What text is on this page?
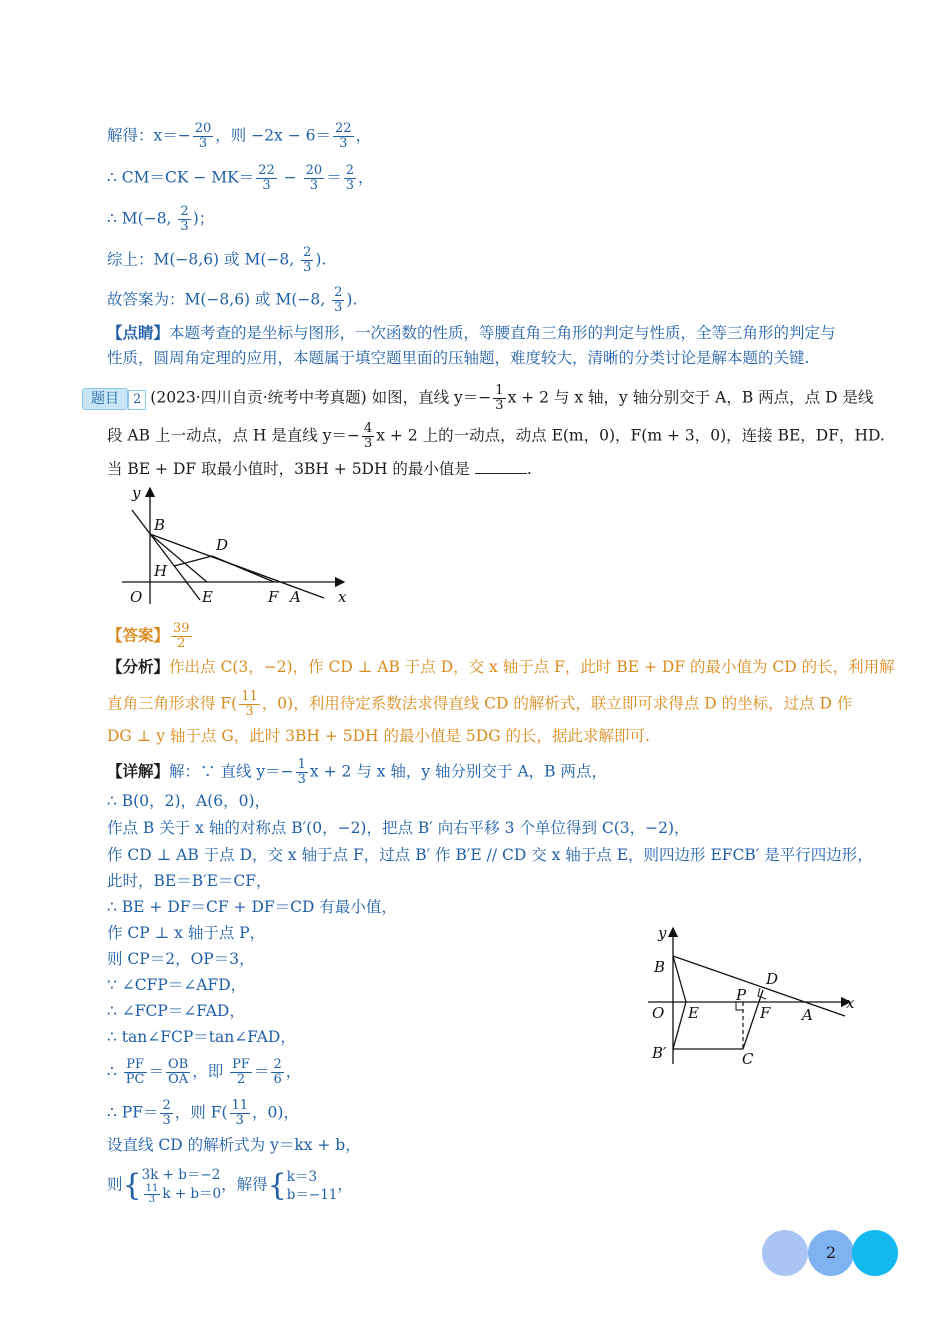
解得：$x=- \frac{20}{3}$ ，则 $-2x - 6= \frac{22}{3}$ ，
∴ $CM=CK - MK= \frac{22}{3} - \frac{20}{3} = \frac{2}{3}$ ，
∴ M(−8, $\frac{2}{3}$ )；
综上：M(−8,6) 或 M(−8, $\frac{2}{3}$ ).
故答案为：M(−8,6) 或 M(−8, $\frac{2}{3}$ ).
【点睛】本题考查的是坐标与图形，一次函数的性质，等腰直角三角形的判定与性质，全等三角形的判定与
性质，圆周角定理的应用，本题属于填空题里面的压轴题，难度较大，清晰的分类讨论是解本题的关键.
题目 2 (2023·四川自贡·统考中考真题) 如图，直线 $y=- \frac{1}{3}$ x + 2 与 x 轴，y 轴分别交于 A，B 两点，点 D 是线
段 AB 上一动点，点 H 是直线 $y=- \frac{4}{3}$ x + 2 上的一动点，动点 E(m，0)，F(m + 3，0)，连接 BE，DF，HD.
当 BE + DF 取最小值时，3BH + 5DH 的最小值是	.
y
x
O
B
D
H
E	F A
【答案】 $\frac{39}{2}$
【分析】作出点 C(3，−2)，作 CD ⊥ AB 于点 D，交 x 轴于点 F，此时 BE + DF 的最小值为 CD 的长，利用解
直角三角形求得 $F( \frac{11}{3}$ ，0)，利用待定系数法求得直线 CD 的解析式，联立即可求得点 D 的坐标，过点 D 作
DG ⊥ y 轴于点 G，此时 3BH + 5DH 的最小值是 5DG 的长，据此求解即可.
【详解】解：∵ 直线 $y=- \frac{1}{3}$ x + 2 与 x 轴，y 轴分别交于 A，B 两点，
∴ B(0，2)，A(6，0)，
作点 B 关于 x 轴的对称点 B′(0，−2)，把点 B′ 向右平移 3 个单位得到 C(3，−2)，
作 CD ⊥ AB 于点 D，交 x 轴于点 F，过点 B′ 作 B′E // CD 交 x 轴于点 E，则四边形 EFCB′ 是平行四边形，
此时，BE＝B′E＝CF，
∴ BE + DF＝CF + DF＝CD 有最小值，
作 CP ⊥ x 轴于点 P，
则 CP＝2，OP＝3，
∵ ∠CFP＝∠AFD，
∴ ∠FCP＝∠FAD，
∴ tan∠FCP＝tan∠FAD，
∴ $\frac{PF}{PC} = \frac{OB}{OA}$ ，即 $\frac{PF}{2} = \frac{2}{6}$ ，
∴ $PF= \frac{2}{3}$ ，则 $F( \frac{11}{3}$ ，0)，
设直线 CD 的解析式为 y＝kx + b，
则{ 3k + b＝−2
$\frac{11}{3}$ k + b＝0
，解得{ k＝3
b＝−11
，
y
x
O
B
D
P
E	F A
B′	C
2
